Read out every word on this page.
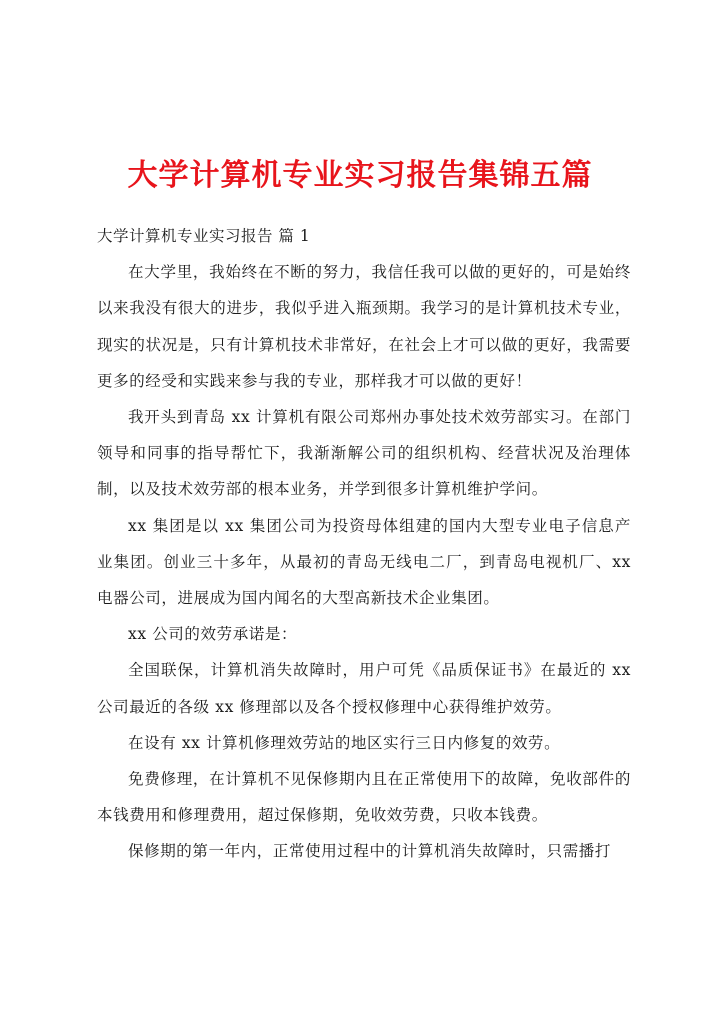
大学计算机专业实习报告集锦五篇

大学计算机专业实习报告 篇 1

在大学里，我始终在不断的努力，我信任我可以做的更好的，可是始终以来我没有很大的进步，我似乎进入瓶颈期。我学习的是计算机技术专业，现实的状况是，只有计算机技术非常好，在社会上才可以做的更好，我需要更多的经受和实践来参与我的专业，那样我才可以做的更好！

我开头到青岛 xx 计算机有限公司郑州办事处技术效劳部实习。在部门领导和同事的指导帮忙下，我渐渐解公司的组织机构、经营状况及治理体制，以及技术效劳部的根本业务，并学到很多计算机维护学问。

xx 集团是以 xx 集团公司为投资母体组建的国内大型专业电子信息产业集团。创业三十多年，从最初的青岛无线电二厂，到青岛电视机厂、xx 电器公司，进展成为国内闻名的大型高新技术企业集团。

xx 公司的效劳承诺是：

全国联保，计算机消失故障时，用户可凭《品质保证书》在最近的 xx 公司最近的各级 xx 修理部以及各个授权修理中心获得维护效劳。

在设有 xx 计算机修理效劳站的地区实行三日内修复的效劳。

免费修理，在计算机不见保修期内且在正常使用下的故障，免收部件的本钱费用和修理费用，超过保修期，免收效劳费，只收本钱费。

保修期的第一年内，正常使用过程中的计算机消失故障时，只需播打
